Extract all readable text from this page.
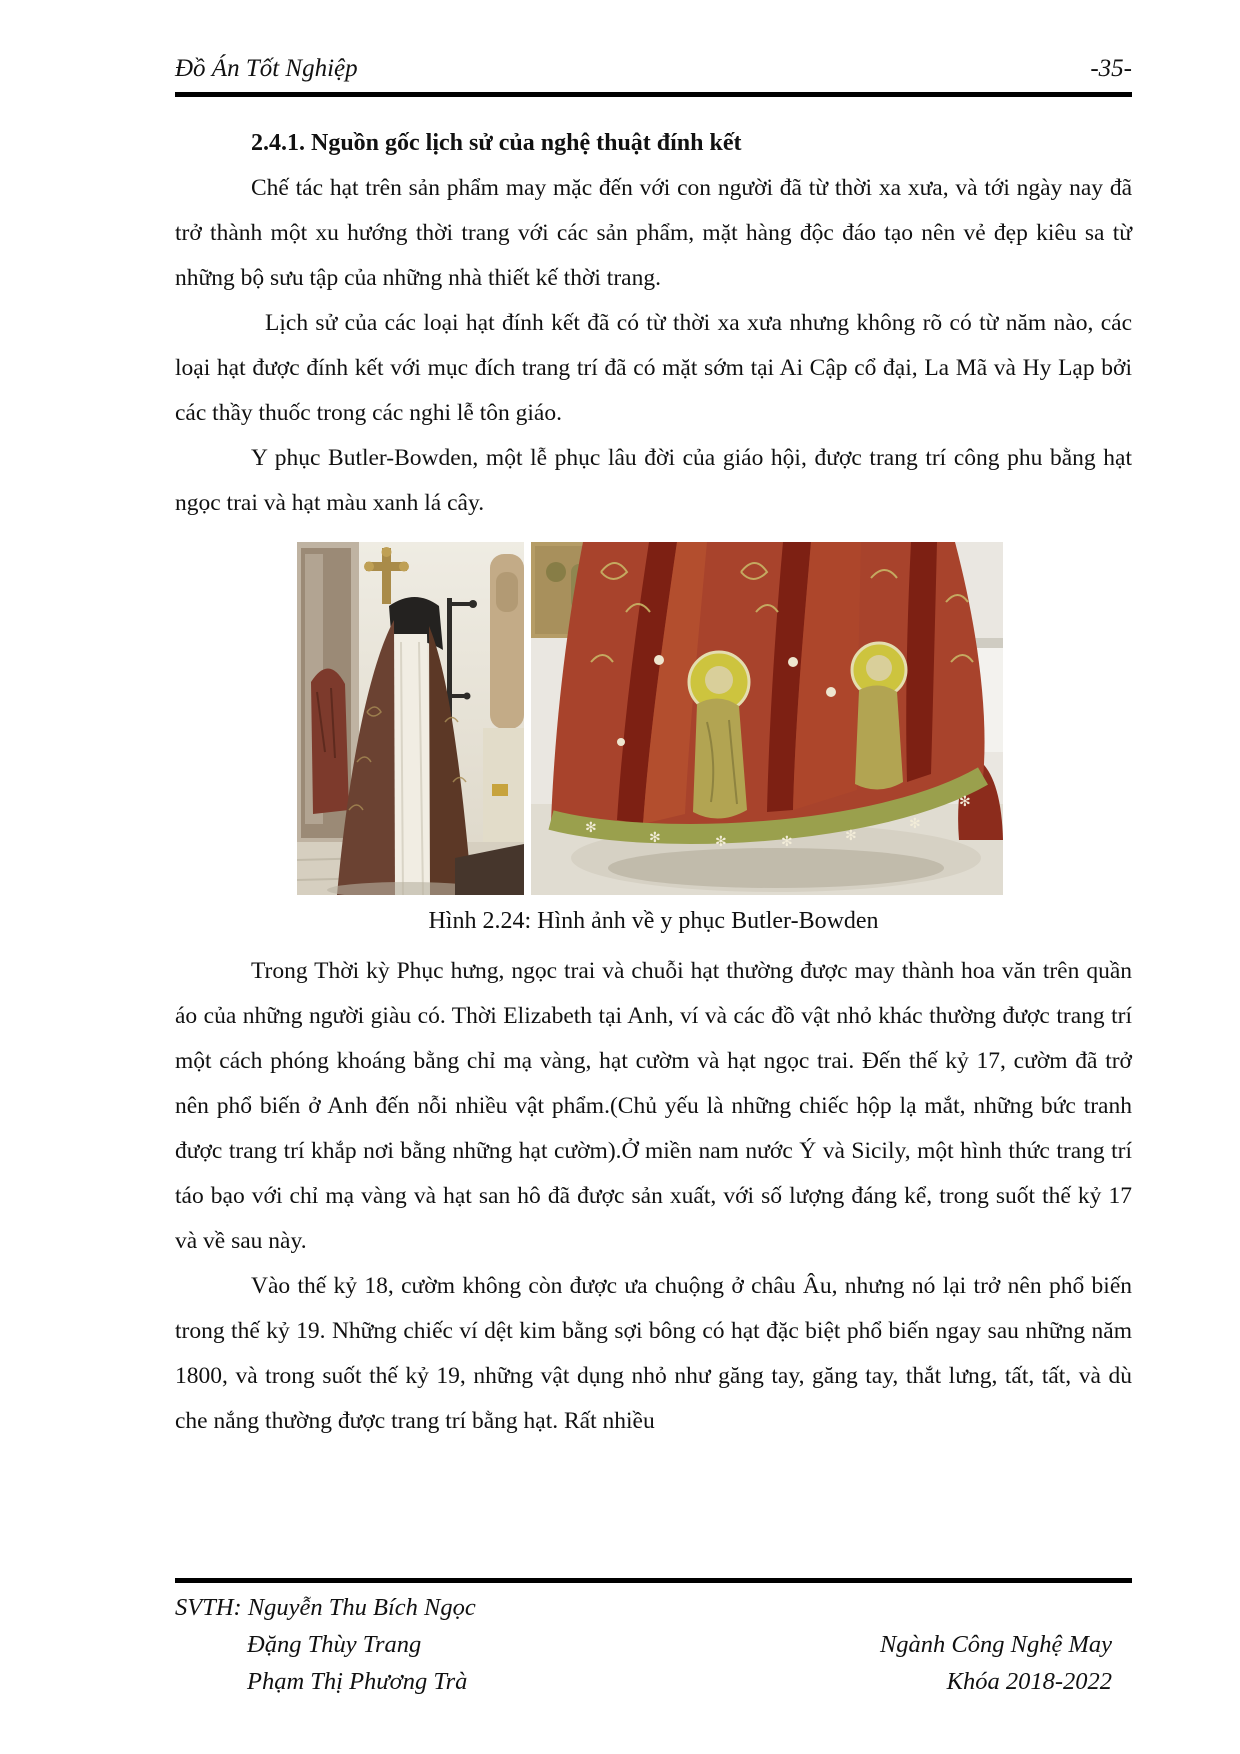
Đồ Án Tốt Nghiệp	-35-
2.4.1. Nguồn gốc lịch sử của nghệ thuật đính kết

Chế tác hạt trên sản phẩm may mặc đến với con người đã từ thời xa xưa, và tới ngày nay đã trở thành một xu hướng thời trang với các sản phẩm, mặt hàng độc đáo tạo nên vẻ đẹp kiêu sa từ những bộ sưu tập của những nhà thiết kế thời trang.

Lịch sử của các loại hạt đính kết đã có từ thời xa xưa nhưng không rõ có từ năm nào, các loại hạt được đính kết với mục đích trang trí đã có mặt sớm tại Ai Cập cổ đại, La Mã và Hy Lạp bởi các thầy thuốc trong các nghi lễ tôn giáo.

Y phục Butler-Bowden, một lễ phục lâu đời của giáo hội, được trang trí công phu bằng hạt ngọc trai và hạt màu xanh lá cây.

✻
✻	✻	✻	✻
✻
✻
Hình 2.24: Hình ảnh về y phục Butler-Bowden

Trong Thời kỳ Phục hưng, ngọc trai và chuỗi hạt thường được may thành hoa văn trên quần áo của những người giàu có. Thời Elizabeth tại Anh, ví và các đồ vật nhỏ khác thường được trang trí một cách phóng khoáng bằng chỉ mạ vàng, hạt cườm và hạt ngọc trai. Đến thế kỷ 17, cườm đã trở nên phổ biến ở Anh đến nỗi nhiều vật phẩm.(Chủ yếu là những chiếc hộp lạ mắt, những bức tranh được trang trí khắp nơi bằng những hạt cườm).Ở miền nam nước Ý và Sicily, một hình thức trang trí táo bạo với chỉ mạ vàng và hạt san hô đã được sản xuất, với số lượng đáng kể, trong suốt thế kỷ 17 và về sau này.

Vào thế kỷ 18, cườm không còn được ưa chuộng ở châu Âu, nhưng nó lại trở nên phổ biến trong thế kỷ 19. Những chiếc ví dệt kim bằng sợi bông có hạt đặc biệt phổ biến ngay sau những năm 1800, và trong suốt thế kỷ 19, những vật dụng nhỏ như găng tay, găng tay, thắt lưng, tất, tất, và dù che nắng thường được trang trí bằng hạt. Rất nhiều

SVTH: Nguyễn Thu Bích Ngọc
Đặng Thùy Trang	Ngành Công Nghệ May
Phạm Thị Phương Trà	Khóa 2018-2022
